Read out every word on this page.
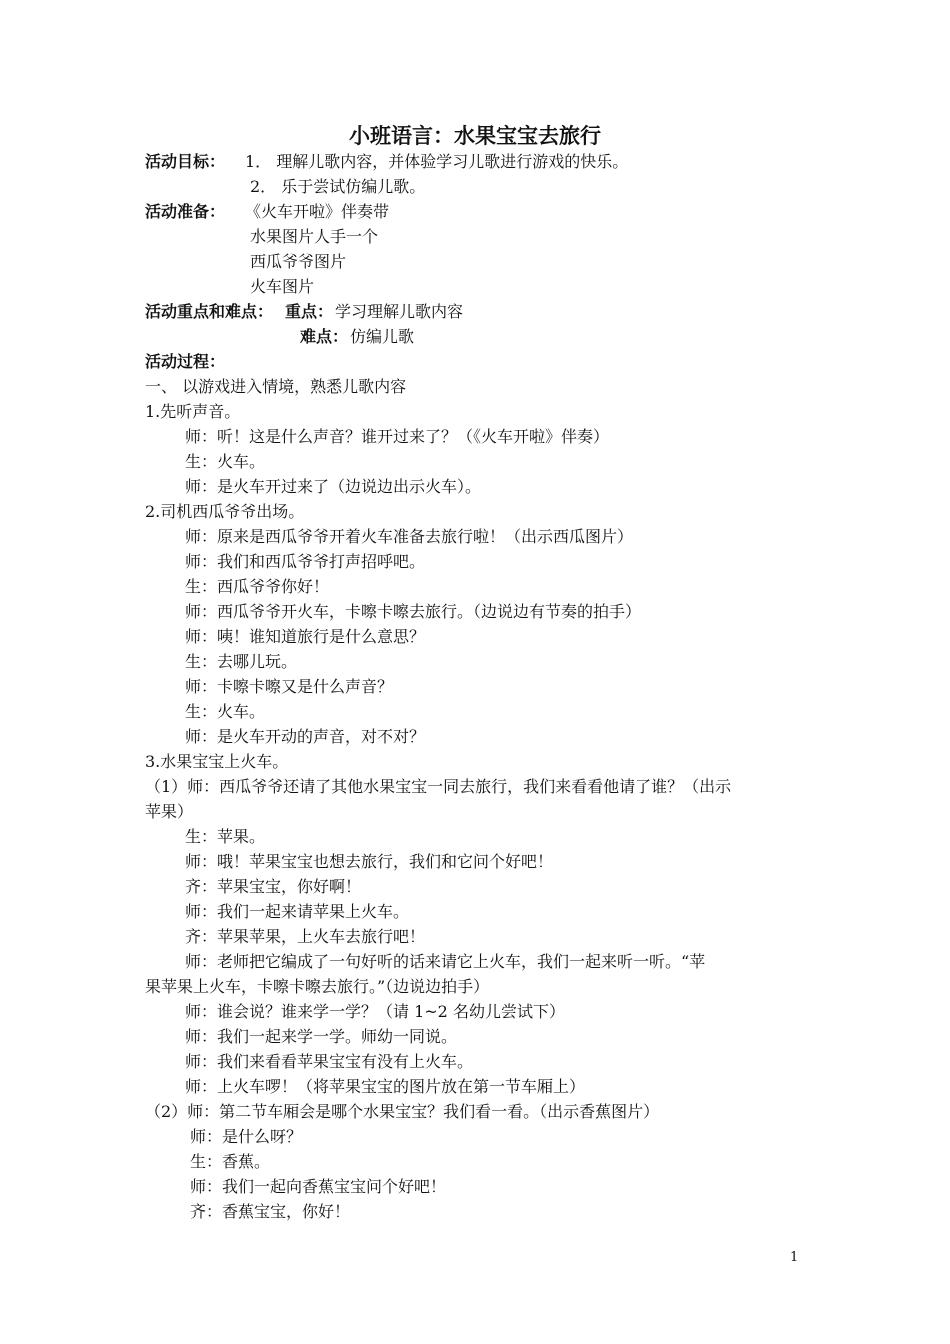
小班语言：水果宝宝去旅行
活动目标： 1． 理解儿歌内容，并体验学习儿歌进行游戏的快乐。
2． 乐于尝试仿编儿歌。
活动准备： 《火车开啦》伴奏带
水果图片人手一个
西瓜爷爷图片
火车图片
活动重点和难点： 重点： 学习理解儿歌内容
难点： 仿编儿歌
活动过程：
一、 以游戏进入情境，熟悉儿歌内容
1.先听声音。
师：听！这是什么声音？谁开过来了？（《火车开啦》伴奏）
生：火车。
师：是火车开过来了（边说边出示火车）。
2.司机西瓜爷爷出场。
师：原来是西瓜爷爷开着火车准备去旅行啦！（出示西瓜图片）
师：我们和西瓜爷爷打声招呼吧。
生：西瓜爷爷你好！
师：西瓜爷爷开火车，卡嚓卡嚓去旅行。（边说边有节奏的拍手）
师：咦！谁知道旅行是什么意思？
生：去哪儿玩。
师：卡嚓卡嚓又是什么声音？
生：火车。
师：是火车开动的声音，对不对？
3.水果宝宝上火车。
（1）师：西瓜爷爷还请了其他水果宝宝一同去旅行，我们来看看他请了谁？（出示
苹果）
生：苹果。
师：哦！苹果宝宝也想去旅行，我们和它问个好吧！
齐：苹果宝宝，你好啊！
师：我们一起来请苹果上火车。
齐：苹果苹果，上火车去旅行吧！
师：老师把它编成了一句好听的话来请它上火车，我们一起来听一听。“苹
果苹果上火车，卡嚓卡嚓去旅行。”（边说边拍手）
师：谁会说？谁来学一学？（请 1~2 名幼儿尝试下）
师：我们一起来学一学。师幼一同说。
师：我们来看看苹果宝宝有没有上火车。
师：上火车啰！（将苹果宝宝的图片放在第一节车厢上）
（2）师：第二节车厢会是哪个水果宝宝？我们看一看。（出示香蕉图片）
师：是什么呀？
生：香蕉。
师：我们一起向香蕉宝宝问个好吧！
齐：香蕉宝宝，你好！
1
